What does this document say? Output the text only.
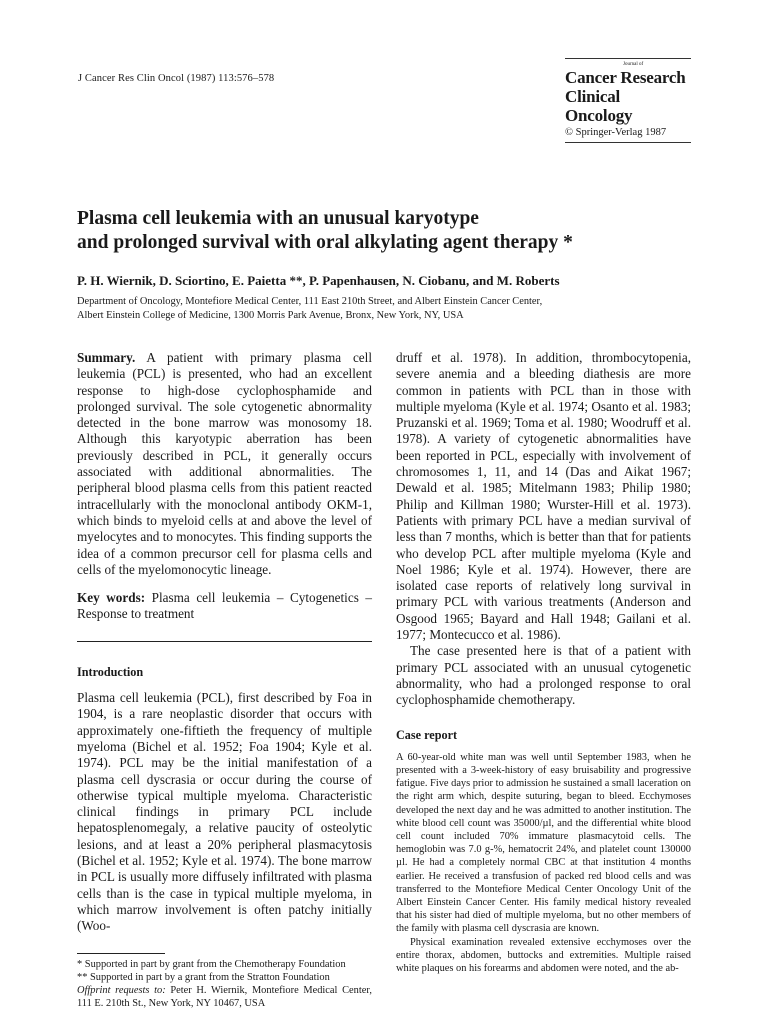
J Cancer Res Clin Oncol (1987) 113:576–578
Journal of
Cancer Research
Clinical Oncology
© Springer-Verlag 1987
Plasma cell leukemia with an unusual karyotype
and prolonged survival with oral alkylating agent therapy *
P. H. Wiernik, D. Sciortino, E. Paietta **, P. Papenhausen, N. Ciobanu, and M. Roberts
Department of Oncology, Montefiore Medical Center, 111 East 210th Street, and Albert Einstein Cancer Center,
Albert Einstein College of Medicine, 1300 Morris Park Avenue, Bronx, New York, NY, USA

Summary. A patient with primary plasma cell leukemia (PCL) is presented, who had an excellent response to high-dose cyclophosphamide and prolonged survival. The sole cytogenetic abnormality detected in the bone marrow was monosomy 18. Although this karyotypic aberration has been previously described in PCL, it generally occurs associated with additional abnormalities. The peripheral blood plasma cells from this patient reacted intracellularly with the monoclonal antibody OKM-1, which binds to myeloid cells at and above the level of myelocytes and to monocytes. This finding supports the idea of a common precursor cell for plasma cells and cells of the myelomonocytic lineage.

Key words: Plasma cell leukemia – Cytogenetics – Response to treatment

Introduction

Plasma cell leukemia (PCL), first described by Foa in 1904, is a rare neoplastic disorder that occurs with approximately one-fiftieth the frequency of multiple myeloma (Bichel et al. 1952; Foa 1904; Kyle et al. 1974). PCL may be the initial manifestation of a plasma cell dyscrasia or occur during the course of otherwise typical multiple myeloma. Characteristic clinical findings in primary PCL include hepatosplenomegaly, a relative paucity of osteolytic lesions, and at least a 20% peripheral plasmacytosis (Bichel et al. 1952; Kyle et al. 1974). The bone marrow in PCL is usually more diffusely infiltrated with plasma cells than is the case in typical multiple myeloma, in which marrow involvement is often patchy initially (Woo-

* Supported in part by grant from the Chemotherapy Foundation
** Supported in part by a grant from the Stratton Foundation
Offprint requests to: Peter H. Wiernik, Montefiore Medical Center, 111 E. 210th St., New York, NY 10467, USA

druff et al. 1978). In addition, thrombocytopenia, severe anemia and a bleeding diathesis are more common in patients with PCL than in those with multiple myeloma (Kyle et al. 1974; Osanto et al. 1983; Pruzanski et al. 1969; Toma et al. 1980; Woodruff et al. 1978). A variety of cytogenetic abnormalities have been reported in PCL, especially with involvement of chromosomes 1, 11, and 14 (Das and Aikat 1967; Dewald et al. 1985; Mitelmann 1983; Philip 1980; Philip and Killman 1980; Wurster-Hill et al. 1973). Patients with primary PCL have a median survival of less than 7 months, which is better than that for patients who develop PCL after multiple myeloma (Kyle and Noel 1986; Kyle et al. 1974). However, there are isolated case reports of relatively long survival in primary PCL with various treatments (Anderson and Osgood 1965; Bayard and Hall 1948; Gailani et al. 1977; Montecucco et al. 1986).

The case presented here is that of a patient with primary PCL associated with an unusual cytogenetic abnormality, who had a prolonged response to oral cyclophosphamide chemotherapy.

Case report

A 60-year-old white man was well until September 1983, when he presented with a 3-week-history of easy bruisability and progressive fatigue. Five days prior to admission he sustained a small laceration on the right arm which, despite suturing, began to bleed. Ecchymoses developed the next day and he was admitted to another institution. The white blood cell count was 35000/µl, and the differential white blood cell count included 70% immature plasmacytoid cells. The hemoglobin was 7.0 g-%, hematocrit 24%, and platelet count 130000 µl. He had a completely normal CBC at that institution 4 months earlier. He received a transfusion of packed red blood cells and was transferred to the Montefiore Medical Center Oncology Unit of the Albert Einstein Cancer Center. His family medical history revealed that his sister had died of multiple myeloma, but no other members of the family with plasma cell dyscrasia are known.

Physical examination revealed extensive ecchymoses over the entire thorax, abdomen, buttocks and extremities. Multiple raised white plaques on his forearms and abdomen were noted, and the ab-
